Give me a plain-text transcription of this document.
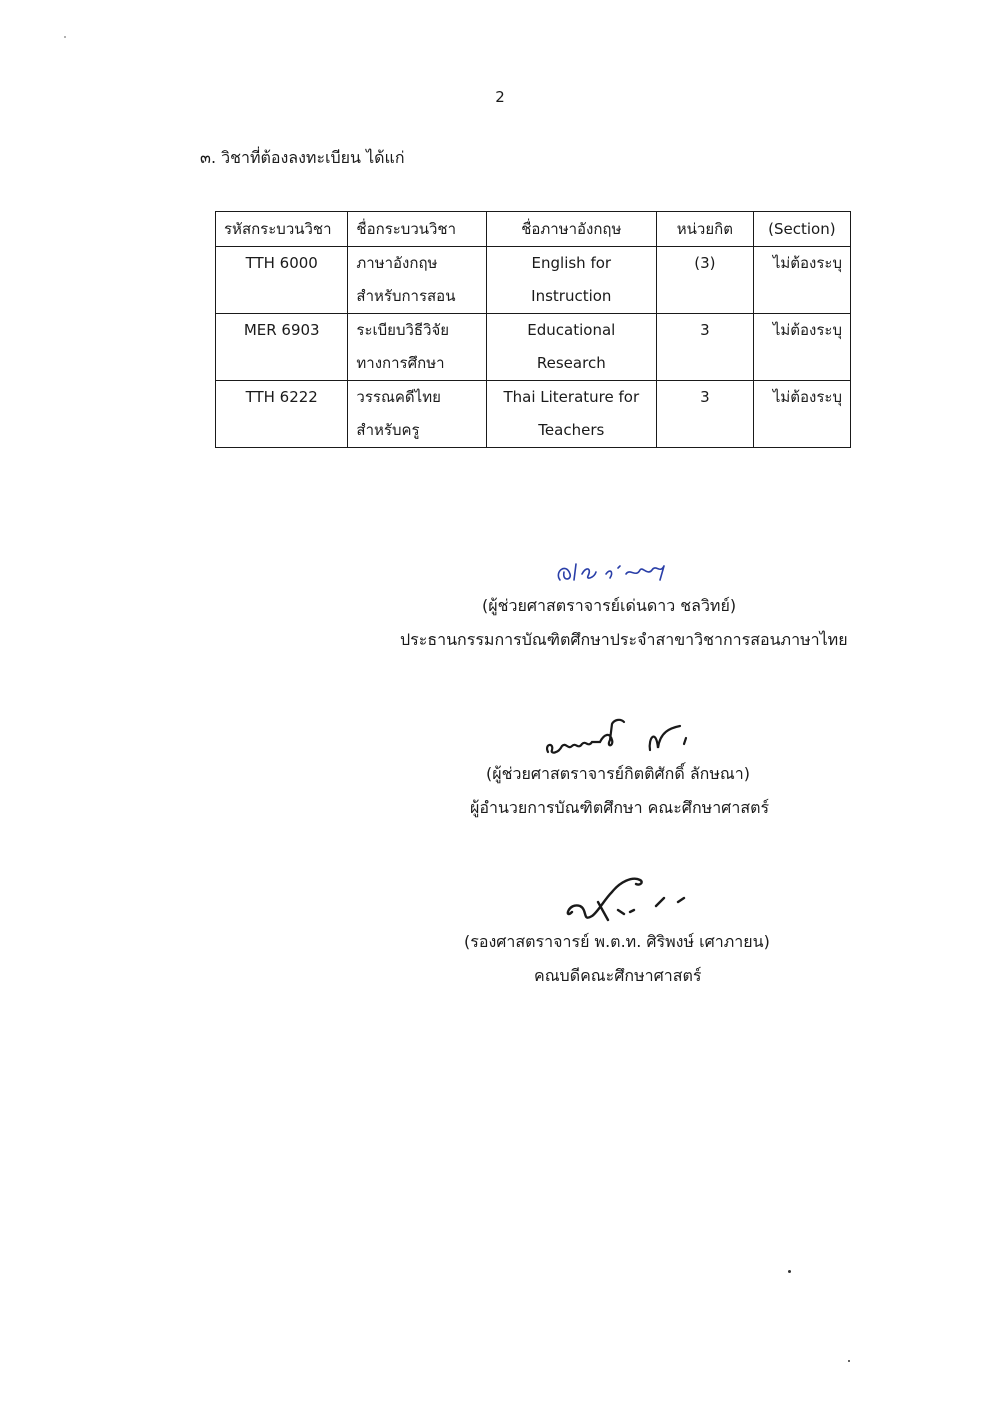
2
๓. วิชาที่ต้องลงทะเบียน ได้แก่
รหัสกระบวนวิชา	ชื่อกระบวนวิชา	ชื่อภาษาอังกฤษ	หน่วยกิต	(Section)
TTH 6000	ภาษาอังกฤษสำหรับการสอน	English for Instruction	(3)	ไม่ต้องระบุ
MER 6903	ระเบียบวิธีวิจัยทางการศึกษา	Educational Research	3	ไม่ต้องระบุ
TTH 6222	วรรณคดีไทยสำหรับครู	Thai Literature for Teachers	3	ไม่ต้องระบุ
(ผู้ช่วยศาสตราจารย์เด่นดาว ชลวิทย์)
ประธานกรรมการบัณฑิตศึกษาประจำสาขาวิชาการสอนภาษาไทย
(ผู้ช่วยศาสตราจารย์กิตติศักดิ์ ลักษณา)
ผู้อำนวยการบัณฑิตศึกษา คณะศึกษาศาสตร์
(รองศาสตราจารย์ พ.ต.ท. ศิริพงษ์ เศาภายน)
คณบดีคณะศึกษาศาสตร์
